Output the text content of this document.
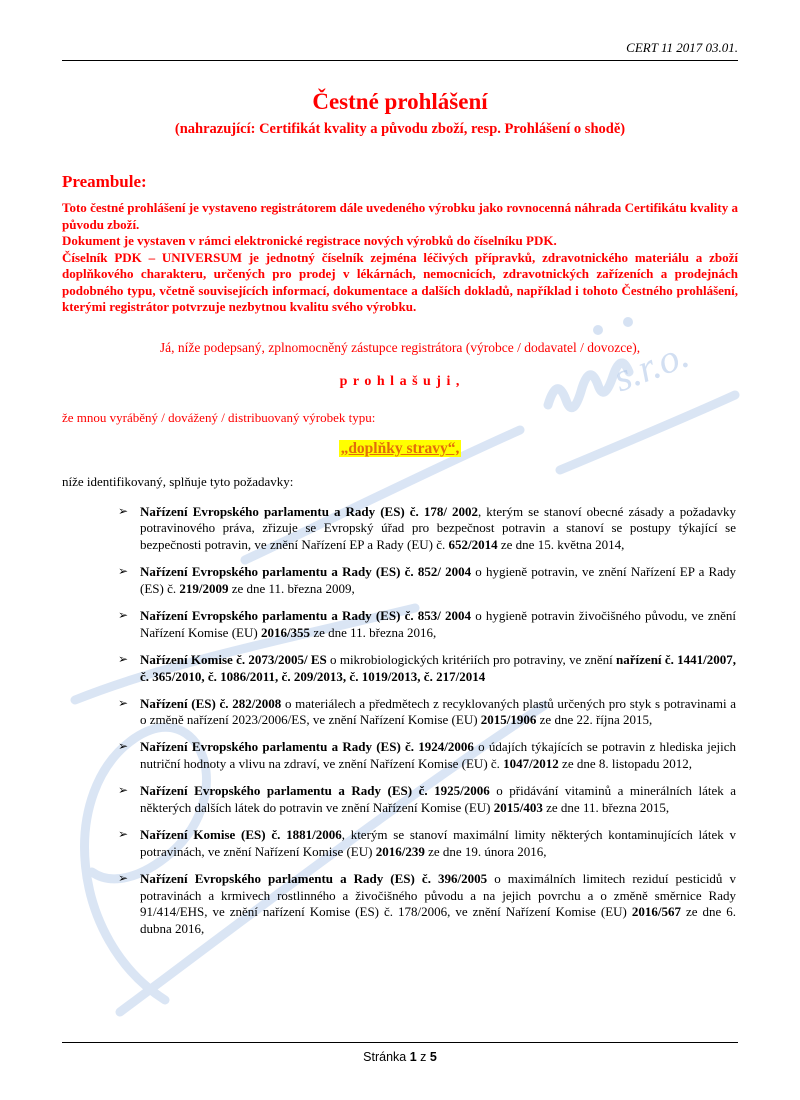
s.r.o.
CERT 11 2017 03.01.
Čestné prohlášení
(nahrazující: Certifikát kvality a původu zboží, resp. Prohlášení o shodě)
Preambule:

Toto čestné prohlášení je vystaveno registrátorem dále uvedeného výrobku jako rovnocenná náhrada Certifikátu kvality a původu zboží.

Dokument je vystaven v rámci elektronické registrace nových výrobků do číselníku PDK.

Číselník PDK – UNIVERSUM je jednotný číselník zejména léčivých přípravků, zdravotnického materiálu a zboží doplňkového charakteru, určených pro prodej v lékárnách, nemocnicích, zdravotnických zařízeních a prodejnách podobného typu, včetně souvisejících informací, dokumentace a dalších dokladů, například i tohoto Čestného prohlášení, kterými registrátor potvrzuje nezbytnou kvalitu svého výrobku.

Já, níže podepsaný, zplnomocněný zástupce registrátora (výrobce / dodavatel / dovozce),

p r o h l a š u j i ,

že mnou vyráběný / dovážený / distribuovaný výrobek typu:

„doplňky stravy“,

níže identifikovaný, splňuje tyto požadavky:

➢ Nařízení Evropského parlamentu a Rady (ES) č. 178/ 2002, kterým se stanoví obecné zásady a požadavky potravinového práva, zřizuje se Evropský úřad pro bezpečnost potravin a stanoví se postupy týkající se bezpečnosti potravin, ve znění Nařízení EP a Rady (EU) č. 652/2014 ze dne 15. května 2014,
➢ Nařízení Evropského parlamentu a Rady (ES) č. 852/ 2004 o hygieně potravin, ve znění Nařízení EP a Rady (ES) č. 219/2009 ze dne 11. března 2009,
➢ Nařízení Evropského parlamentu a Rady (ES) č. 853/ 2004 o hygieně potravin živočišného původu, ve znění Nařízení Komise (EU) 2016/355 ze dne 11. března 2016,
➢ Nařízení Komise č. 2073/2005/ ES o mikrobiologických kritériích pro potraviny, ve znění nařízení č. 1441/2007, č. 365/2010, č. 1086/2011, č. 209/2013, č. 1019/2013, č. 217/2014
➢ Nařízení (ES) č. 282/2008 o materiálech a předmětech z recyklovaných plastů určených pro styk s potravinami a o změně nařízení 2023/2006/ES, ve znění Nařízení Komise (EU) 2015/1906 ze dne 22. října 2015,
➢ Nařízení Evropského parlamentu a Rady (ES) č. 1924/2006 o údajích týkajících se potravin z hlediska jejich nutriční hodnoty a vlivu na zdraví, ve znění Nařízení Komise (EU) č. 1047/2012 ze dne 8. listopadu 2012,
➢ Nařízení Evropského parlamentu a Rady (ES) č. 1925/2006 o přidávání vitaminů a minerálních látek a některých dalších látek do potravin ve znění Nařízení Komise (EU) 2015/403 ze dne 11. března 2015,
➢ Nařízení Komise (ES) č. 1881/2006, kterým se stanoví maximální limity některých kontaminujících látek v potravinách, ve znění Nařízení Komise (EU) 2016/239 ze dne 19. února 2016,
➢ Nařízení Evropského parlamentu a Rady (ES) č. 396/2005 o maximálních limitech reziduí pesticidů v potravinách a krmivech rostlinného a živočišného původu a na jejich povrchu a o změně směrnice Rady 91/414/EHS, ve znění nařízení Komise (ES) č. 178/2006, ve znění Nařízení Komise (EU) 2016/567 ze dne 6. dubna 2016,
Stránka 1 z 5
